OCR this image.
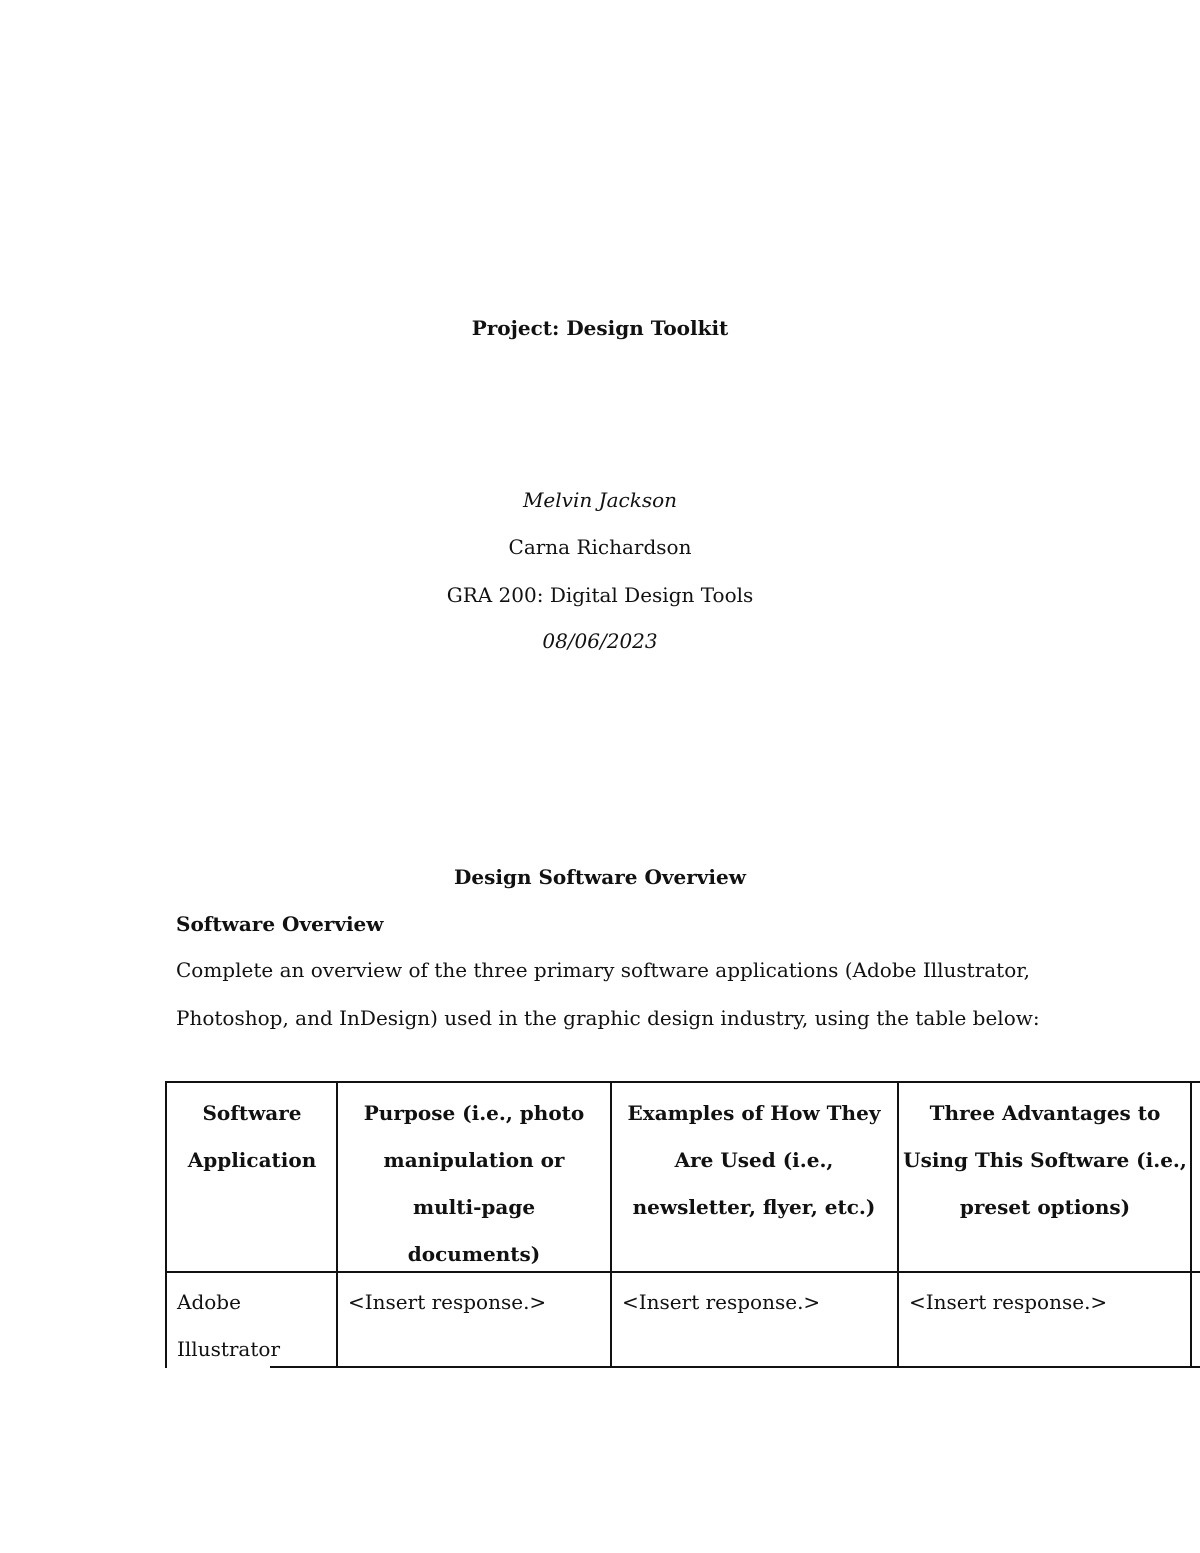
Project: Design Toolkit
Melvin Jackson
Carna Richardson
GRA 200: Digital Design Tools
08/06/2023
Design Software Overview
Software Overview
Complete an overview of the three primary software applications (Adobe Illustrator,
Photoshop, and InDesign) used in the graphic design industry, using the table below:
Software Application
Purpose (i.e., photo manipulation or multi-page documents)
Examples of How They Are Used (i.e., newsletter, flyer, etc.)
Three Advantages to Using This Software (i.e., preset options)
Adobe Illustrator
<Insert response.>	<Insert response.>	<Insert response.>
